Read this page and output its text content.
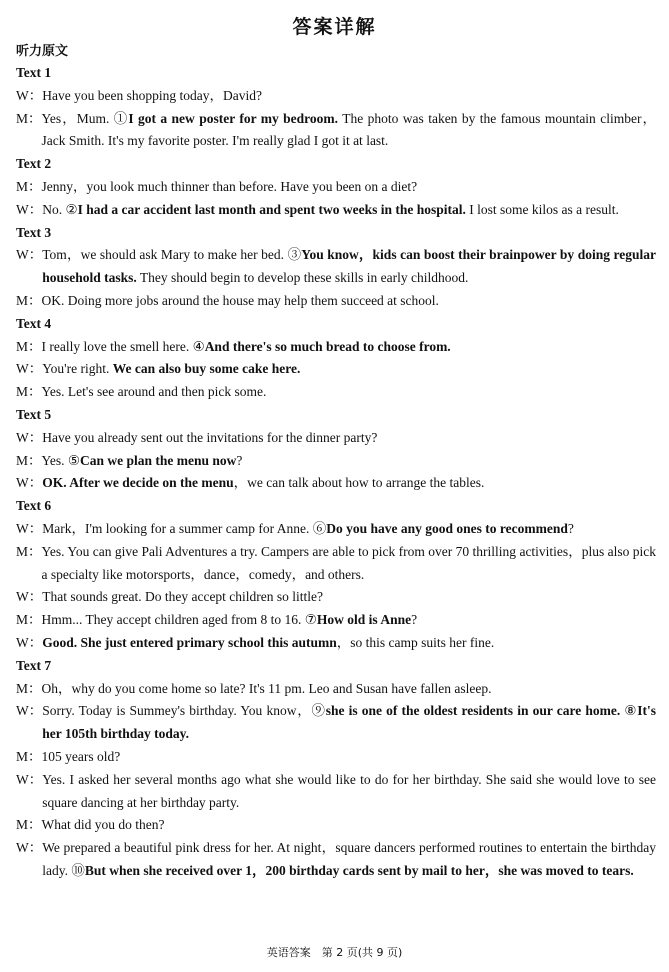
答案详解
听力原文
Text 1
W： Have you been shopping today，David?
M： Yes，Mum. ①I got a new poster for my bedroom. The photo was taken by the famous mountain climber，Jack Smith. It's my favorite poster. I'm really glad I got it at last.
Text 2
M： Jenny，you look much thinner than before. Have you been on a diet?
W： No. ②I had a car accident last month and spent two weeks in the hospital. I lost some kilos as a result.
Text 3
W： Tom，we should ask Mary to make her bed. ③You know，kids can boost their brainpower by doing regular household tasks. They should begin to develop these skills in early childhood.
M： OK. Doing more jobs around the house may help them succeed at school.
Text 4
M： I really love the smell here. ④And there's so much bread to choose from.
W： You're right. We can also buy some cake here.
M： Yes. Let's see around and then pick some.
Text 5
W： Have you already sent out the invitations for the dinner party?
M： Yes. ⑤Can we plan the menu now?
W： OK. After we decide on the menu，we can talk about how to arrange the tables.
Text 6
W： Mark，I'm looking for a summer camp for Anne. ⑥Do you have any good ones to recommend?
M： Yes. You can give Pali Adventures a try. Campers are able to pick from over 70 thrilling activities，plus also pick a specialty like motorsports，dance，comedy，and others.
W： That sounds great. Do they accept children so little?
M： Hmm... They accept children aged from 8 to 16. ⑦How old is Anne?
W： Good. She just entered primary school this autumn，so this camp suits her fine.
Text 7
M： Oh，why do you come home so late? It's 11 pm. Leo and Susan have fallen asleep.
W： Sorry. Today is Summey's birthday. You know，⑨she is one of the oldest residents in our care home. ⑧It's her 105th birthday today.
M： 105 years old?
W： Yes. I asked her several months ago what she would like to do for her birthday. She said she would love to see square dancing at her birthday party.
M： What did you do then?
W： We prepared a beautiful pink dress for her. At night，square dancers performed routines to entertain the birthday lady. ⑩But when she received over 1，200 birthday cards sent by mail to her，she was moved to tears.
英语答案　第 2 页(共 9 页)
